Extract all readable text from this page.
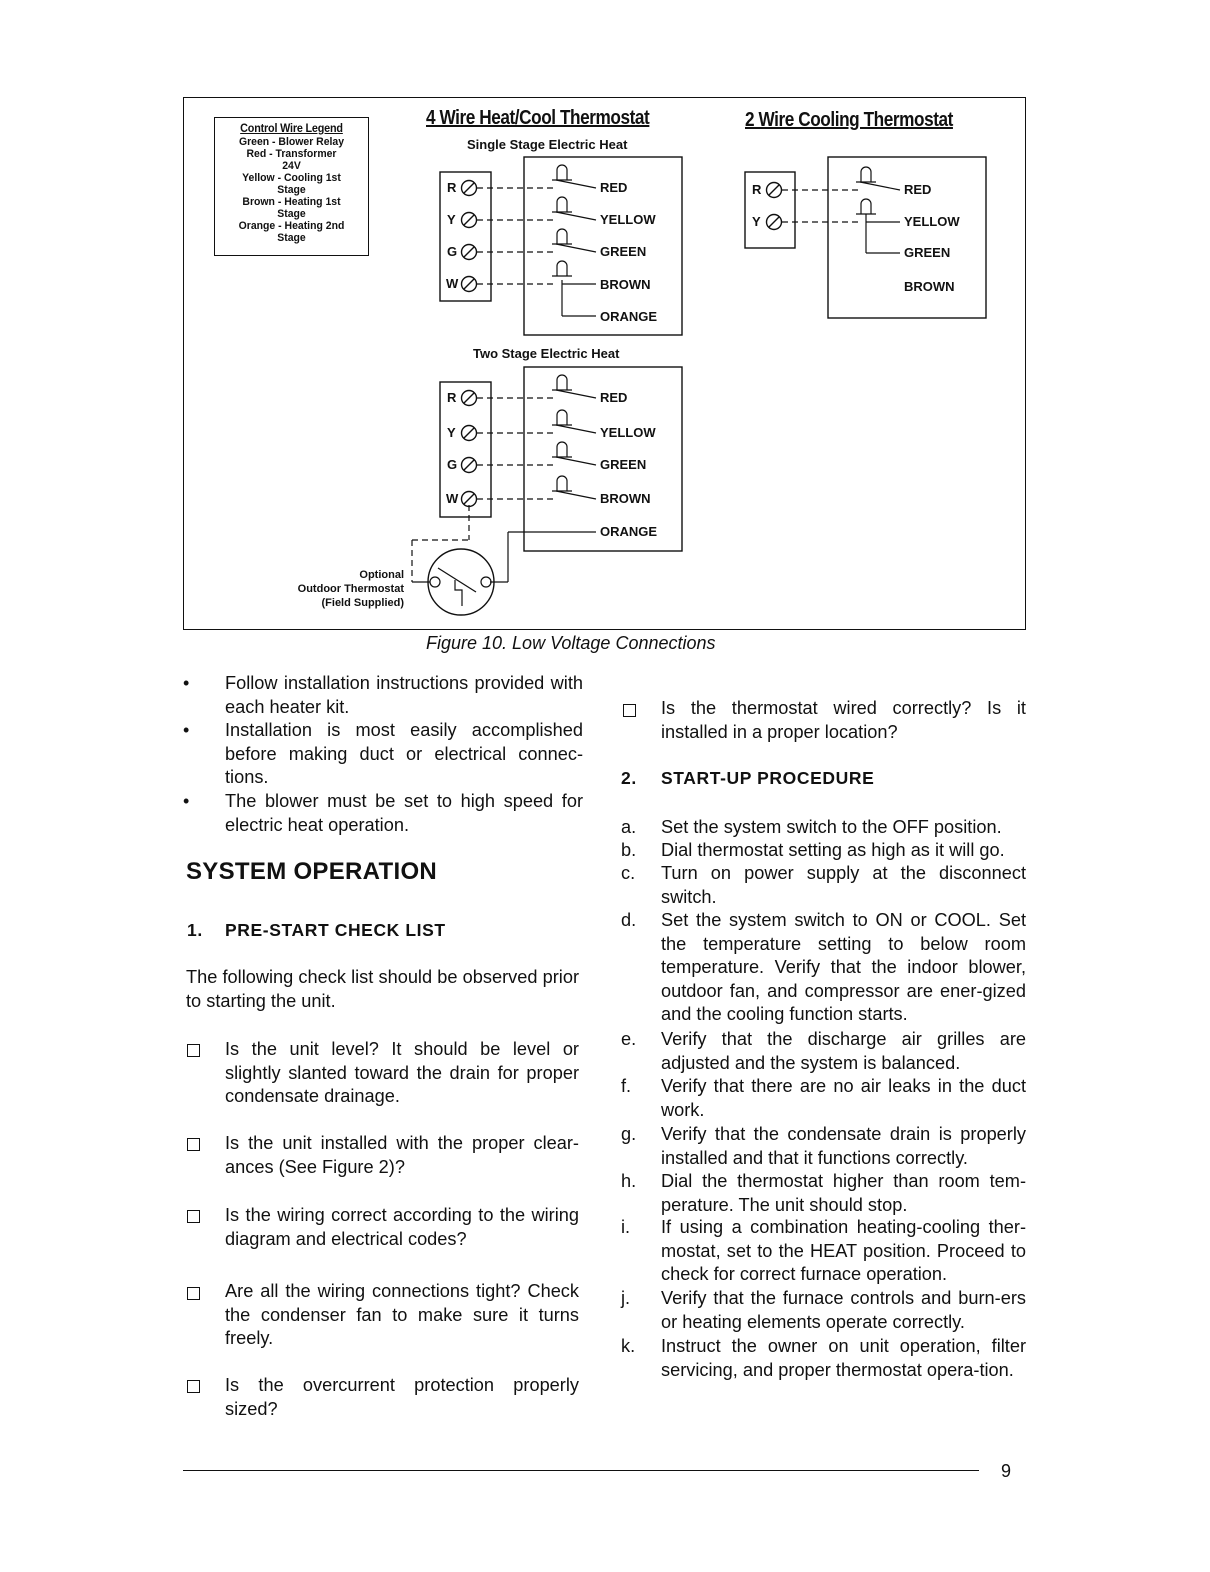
Control Wire Legend
Green - Blower Relay
Red - Transformer
24V
Yellow - Cooling 1st
Stage
Brown - Heating 1st
Stage
Orange - Heating 2nd
Stage
4 Wire Heat/Cool Thermostat	2 Wire Cooling Thermostat
Single Stage Electric Heat
Two Stage Electric Heat
R
Y
G
W
R
Y
G
W
R
Y
RED
YELLOW
GREEN
BROWN
ORANGE
RED
YELLOW
GREEN
BROWN
ORANGE
RED
YELLOW
GREEN
BROWN
Optional
Outdoor Thermostat
(Field Supplied)
Figure 10. Low Voltage Connections
• Follow installation instructions provided with each heater kit.
• Installation is most easily accomplished before making duct or electrical connec-tions.
• The blower must be set to high speed for electric heat operation.
SYSTEM OPERATION
1. PRE-START CHECK LIST
The following check list should be observed prior to starting the unit.
Is the unit level? It should be level or slightly slanted toward the drain for proper condensate drainage.
Is the unit installed with the proper clear-ances (See Figure 2)?
Is the wiring correct according to the wiring diagram and electrical codes?
Are all the wiring connections tight? Check the condenser fan to make sure it turns freely.
Is the overcurrent protection properly sized?
Is the thermostat wired correctly? Is it installed in a proper location?
2. START-UP PROCEDURE
a.	Set the system switch to the OFF position.
b.	Dial thermostat setting as high as it will go.
c.	Turn on power supply at the disconnect switch.
d.	Set the system switch to ON or COOL. Set the temperature setting to below room temperature. Verify that the indoor blower, outdoor fan, and compressor are ener-gized and the cooling function starts.
e.	Verify that the discharge air grilles are adjusted and the system is balanced.
f.	Verify that there are no air leaks in the duct work.
g.	Verify that the condensate drain is properly installed and that it functions correctly.
h.	Dial the thermostat higher than room tem-perature. The unit should stop.
i.	If using a combination heating-cooling ther-mostat, set to the HEAT position. Proceed to check for correct furnace operation.
j.	Verify that the furnace controls and burn-ers or heating elements operate correctly.
k.	Instruct the owner on unit operation, filter servicing, and proper thermostat opera-tion.
9
